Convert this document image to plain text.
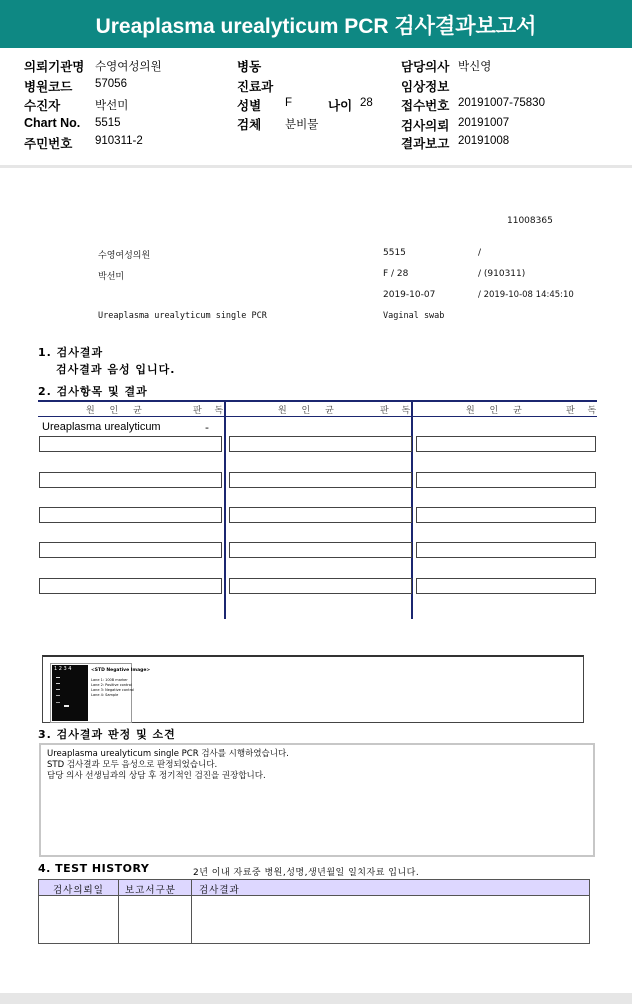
Ureaplasma urealyticum PCR 검사결과보고서
의뢰기관명 수영여성의원
병원코드 57056
수진자	박선미
Chart No. 5515
주민번호 910311-2
병동
진료과
성별 F	나이 28
검체 분비물
담당의사 박신영
임상정보
접수번호 20191007-75830
검사의뢰 20191007
결과보고 20191008
11008365
수영여성의원	5515	/
박선미	F / 28	/ (910311)
2019-10-07	/ 2019-10-08 14:45:10
Ureaplasma urealyticum single PCR	Vaginal swab
1. 검사결과
검사결과 음성 입니다.
2. 검사항목 및 결과
원 인 균	판 독	원 인 균	판 독	원 인 균	판 독
Ureaplasma urealyticum	-
1 2 3 4	<STD Negative Image>
Lane 1: 100B marker
Lane 2: Positive control
Lane 3: Negative control
Lane 4: Sample
3. 검사결과 판정 및 소견
Ureaplasma urealyticum single PCR 검사를 시행하였습니다.
STD 검사결과 모두 음성으로 판정되었습니다.
담당 의사 선생님과의 상담 후 정기적인 검진을 권장합니다.
4. TEST HISTORY	2년 이내 자료중 병원,성명,생년월일 일치자료 입니다.
검사의뢰일 보고서구분 검사결과
